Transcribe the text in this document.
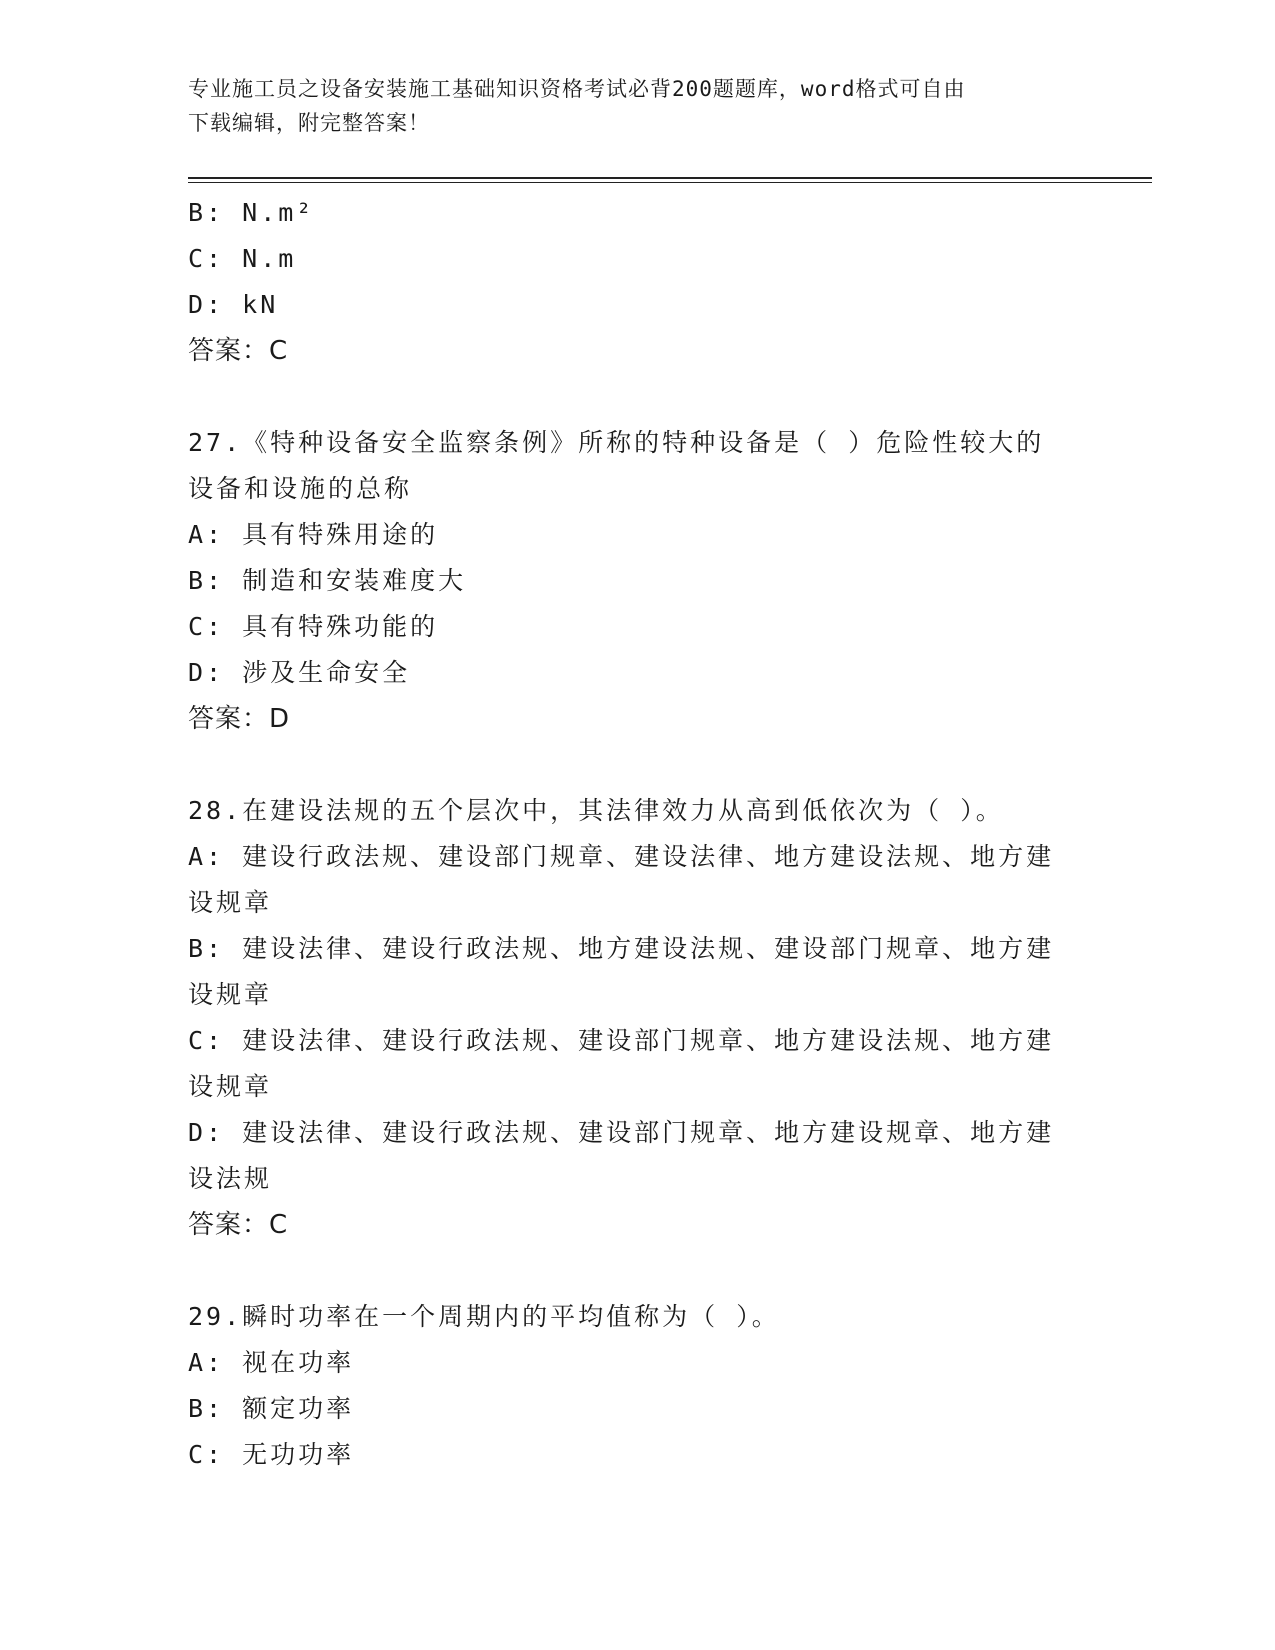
专业施工员之设备安装施工基础知识资格考试必背200题题库，word格式可自由
下载编辑，附完整答案！
B: N.m²
C: N.m
D: kN
答案：C
27.《特种设备安全监察条例》所称的特种设备是（ ）危险性较大的
设备和设施的总称
A: 具有特殊用途的
B: 制造和安装难度大
C: 具有特殊功能的
D: 涉及生命安全
答案：D
28.在建设法规的五个层次中，其法律效力从高到低依次为（ ）。
A: 建设行政法规、建设部门规章、建设法律、地方建设法规、地方建
设规章
B: 建设法律、建设行政法规、地方建设法规、建设部门规章、地方建
设规章
C: 建设法律、建设行政法规、建设部门规章、地方建设法规、地方建
设规章
D: 建设法律、建设行政法规、建设部门规章、地方建设规章、地方建
设法规
答案：C
29.瞬时功率在一个周期内的平均值称为（ ）。
A: 视在功率
B: 额定功率
C: 无功功率
